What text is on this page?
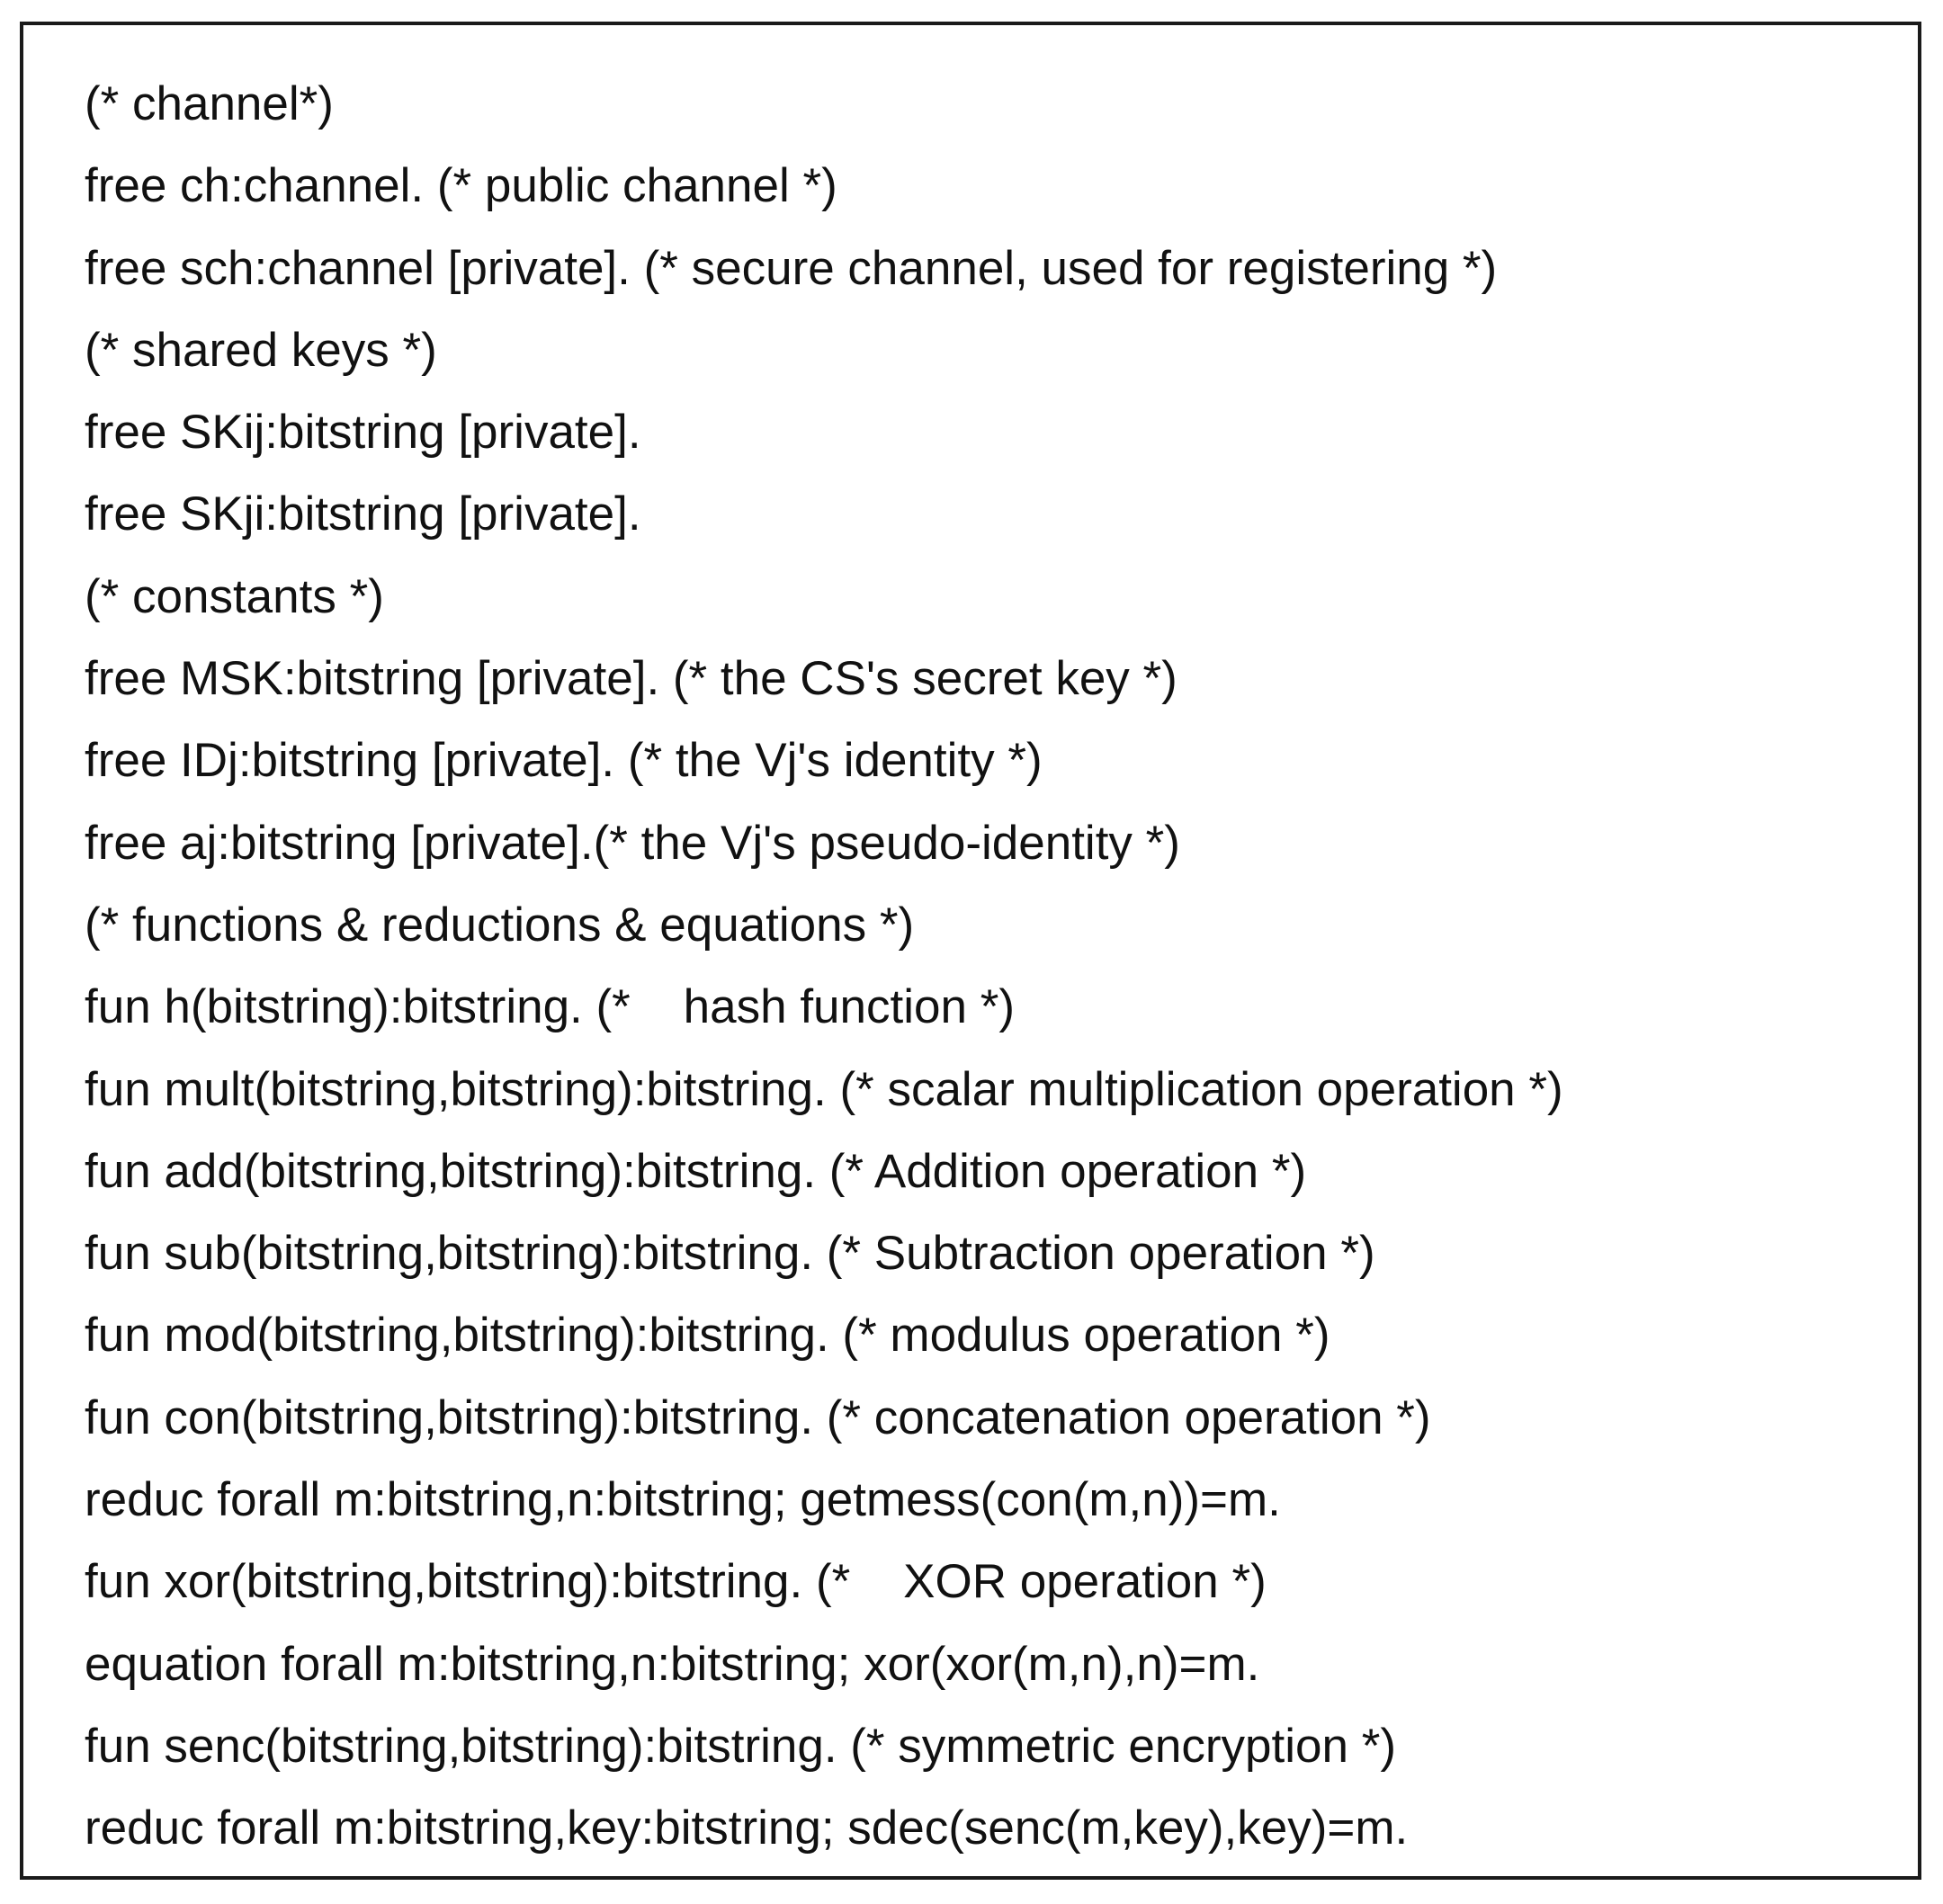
(* channel*)
free ch:channel. (* public channel *)
free sch:channel [private]. (* secure channel, used for registering *)
(* shared keys *)
free SKij:bitstring [private].
free SKji:bitstring [private].
(* constants *)
free MSK:bitstring [private]. (* the CS's secret key *)
free IDj:bitstring [private]. (* the Vj's identity *)
free aj:bitstring [private].(* the Vj's pseudo-identity *)
(* functions & reductions & equations *)
fun h(bitstring):bitstring. (*    hash function *)
fun mult(bitstring,bitstring):bitstring. (* scalar multiplication operation *)
fun add(bitstring,bitstring):bitstring. (* Addition operation *)
fun sub(bitstring,bitstring):bitstring. (* Subtraction operation *)
fun mod(bitstring,bitstring):bitstring. (* modulus operation *)
fun con(bitstring,bitstring):bitstring. (* concatenation operation *)
reduc forall m:bitstring,n:bitstring; getmess(con(m,n))=m.
fun xor(bitstring,bitstring):bitstring. (*    XOR operation *)
equation forall m:bitstring,n:bitstring; xor(xor(m,n),n)=m.
fun senc(bitstring,bitstring):bitstring. (* symmetric encryption *)
reduc forall m:bitstring,key:bitstring; sdec(senc(m,key),key)=m.
